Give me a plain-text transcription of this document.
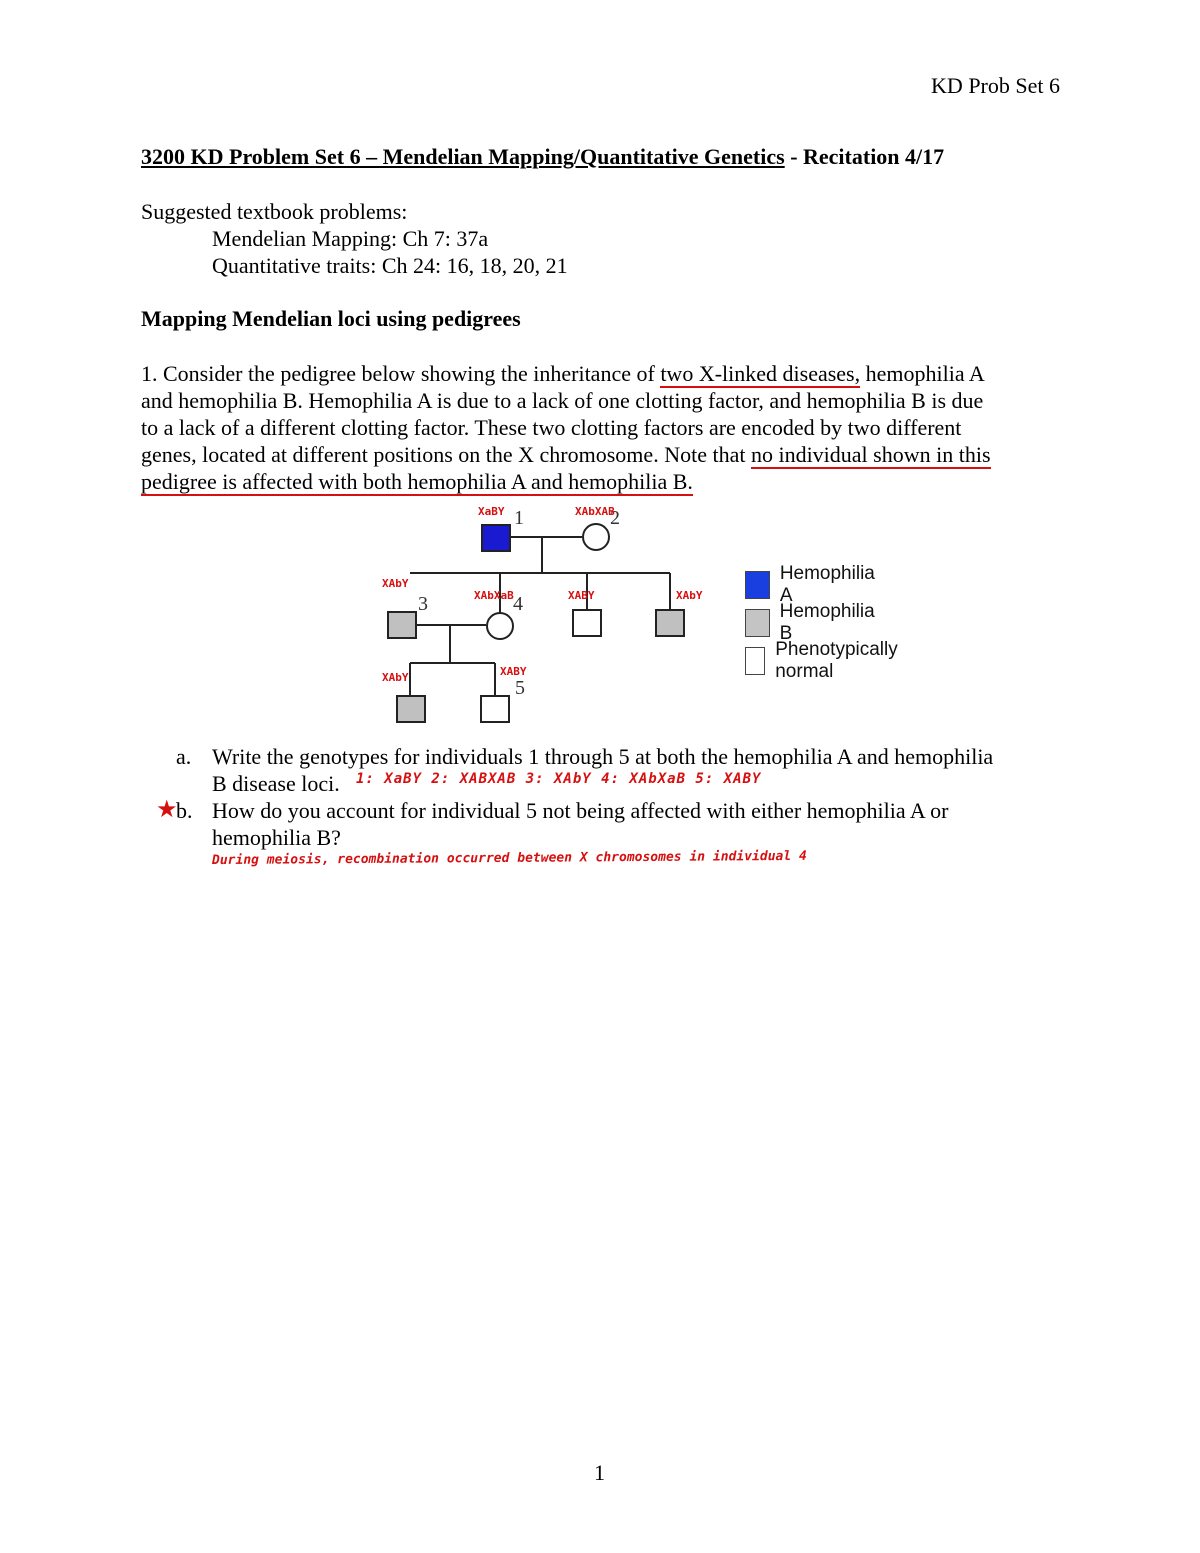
KD Prob Set 6
3200 KD Problem Set 6 – Mendelian Mapping/Quantitative Genetics - Recitation 4/17
Suggested textbook problems:
Mendelian Mapping: Ch 7: 37a
Quantitative traits: Ch 24: 16, 18, 20, 21
Mapping Mendelian loci using pedigrees
1. Consider the pedigree below showing the inheritance of two X-linked diseases, hemophilia A
and hemophilia B. Hemophilia A is due to a lack of one clotting factor, and hemophilia B is due
to a lack of a different clotting factor. These two clotting factors are encoded by two different
genes, located at different positions on the X chromosome. Note that no individual shown in this
pedigree is affected with both hemophilia A and hemophilia B.
1	2
3	4
5
XaBY	XAbXAB
XAbY
XAbXaB	XABY	XAbY
XAbY	XABY
Hemophilia A
Hemophilia B
Phenotypically normal
a. Write the genotypes for individuals 1 through 5 at both the hemophilia A and hemophilia
B disease loci. 1: XaBY 2: XABXAB 3: XAbY 4: XAbXaB 5: XABY
★
b. How do you account for individual 5 not being affected with either hemophilia A or
hemophilia B?
During meiosis, recombination occurred between X chromosomes in individual 4
1
